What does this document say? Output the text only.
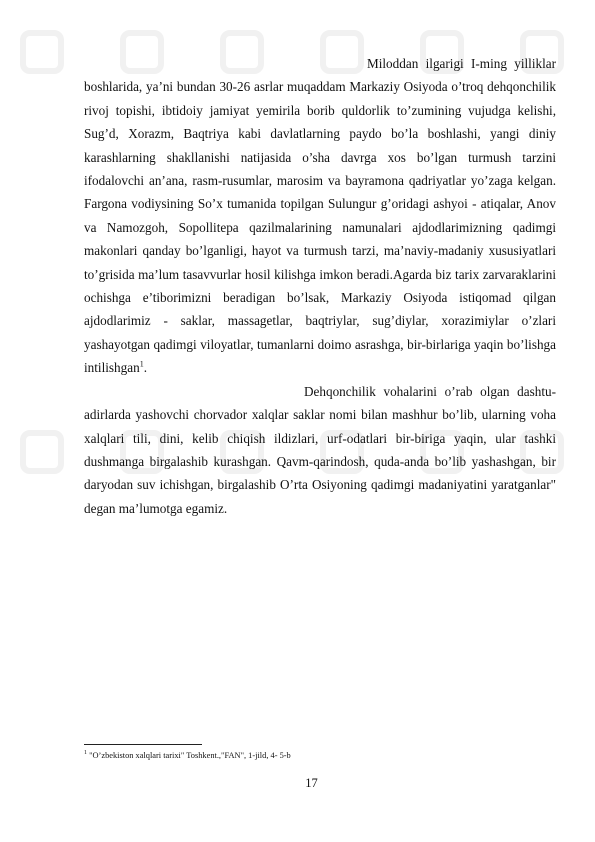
Miloddan ilgarigi I-ming yilliklar boshlarida, ya’ni bundan 30-26 asrlar muqaddam Markaziy Osiyoda o’troq dehqonchilik rivoj topishi, ibtidoiy jamiyat yemirila borib quldorlik to’zumining vujudga kelishi, Sug’d, Xorazm, Baqtriya kabi davlatlarning paydo bo’la boshlashi, yangi diniy karashlarning shakllanishi natijasida o’sha davrga xos bo’lgan turmush tarzini ifodalovchi an’ana, rasm-rusumlar, marosim va bayramona qadriyatlar yo’zaga kelgan. Fargona vodiysining So’x tumanida topilgan Sulungur g’oridagi ashyoi - atiqalar, Anov va Namozgoh, Sopollitepa qazilmalarining namunalari ajdodlarimizning qadimgi makonlari qanday bo’lganligi, hayot va turmush tarzi, ma’naviy-madaniy xususiyatlari to’grisida ma’lum tasavvurlar hosil kilishga imkon beradi.Agarda biz tarix zarvaraklarini ochishga e’tiborimizni beradigan bo’lsak, Markaziy Osiyoda istiqomad qilgan ajdodlarimiz - saklar, massagetlar, baqtriylar, sug’diylar, xorazimiylar o’zlari yashayotgan qadimgi viloyatlar, tumanlarni doimo asrashga, bir-birlariga yaqin bo’lishga intilishgan$^1$.

Dehqonchilik vohalarini o’rab olgan dashtu-adirlarda yashovchi chorvador xalqlar saklar nomi bilan mashhur bo’lib, ularning voha xalqlari tili, dini, kelib chiqish ildizlari, urf-odatlari bir-biriga yaqin, ular tashki dushmanga birgalashib kurashgan. Qavm-qarindosh, quda-anda bo’lib yashashgan, bir daryodan suv ichishgan, birgalashib O’rta Osiyoning qadimgi madaniyatini yaratganlar" degan ma’lumotga egamiz.

$^1$ "O’zbekiston xalqlari tarixi" Toshkent.,"FAN", 1-jild, 4- 5-b
17
